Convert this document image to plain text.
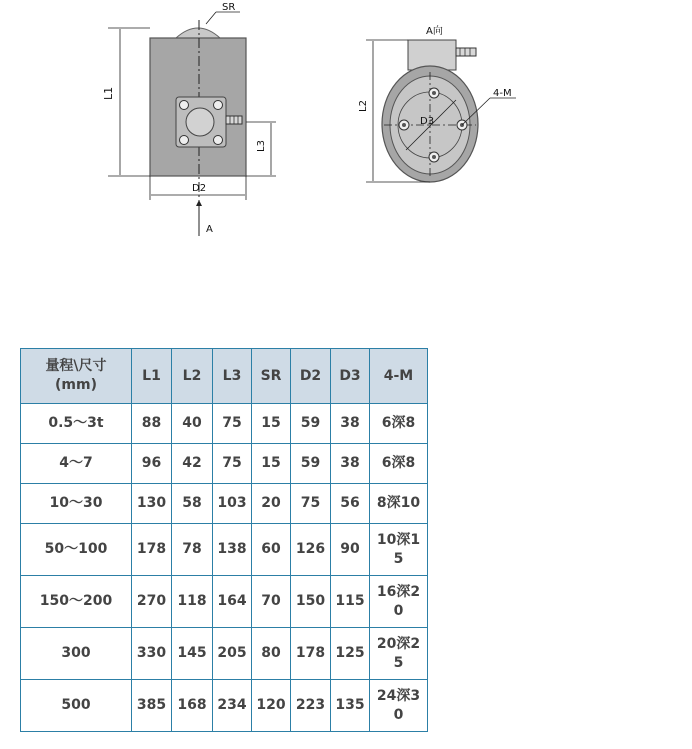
L1
L3
D2
SR
A
D3
L2
A向
4-M
量程\尺寸
(mm)	L1	L2	L3	SR	D2	D3	4-M
0.5～3t	88	40	75	15	59	38	6深8
4～7	96	42	75	15	59	38	6深8
10～30	130	58	103	20	75	56	8深10
50～100	178	78	138	60	126	90	10深15
150～200	270	118	164	70	150	115	16深20
300	330	145	205	80	178	125	20深25
500	385	168	234	120	223	135	24深30
